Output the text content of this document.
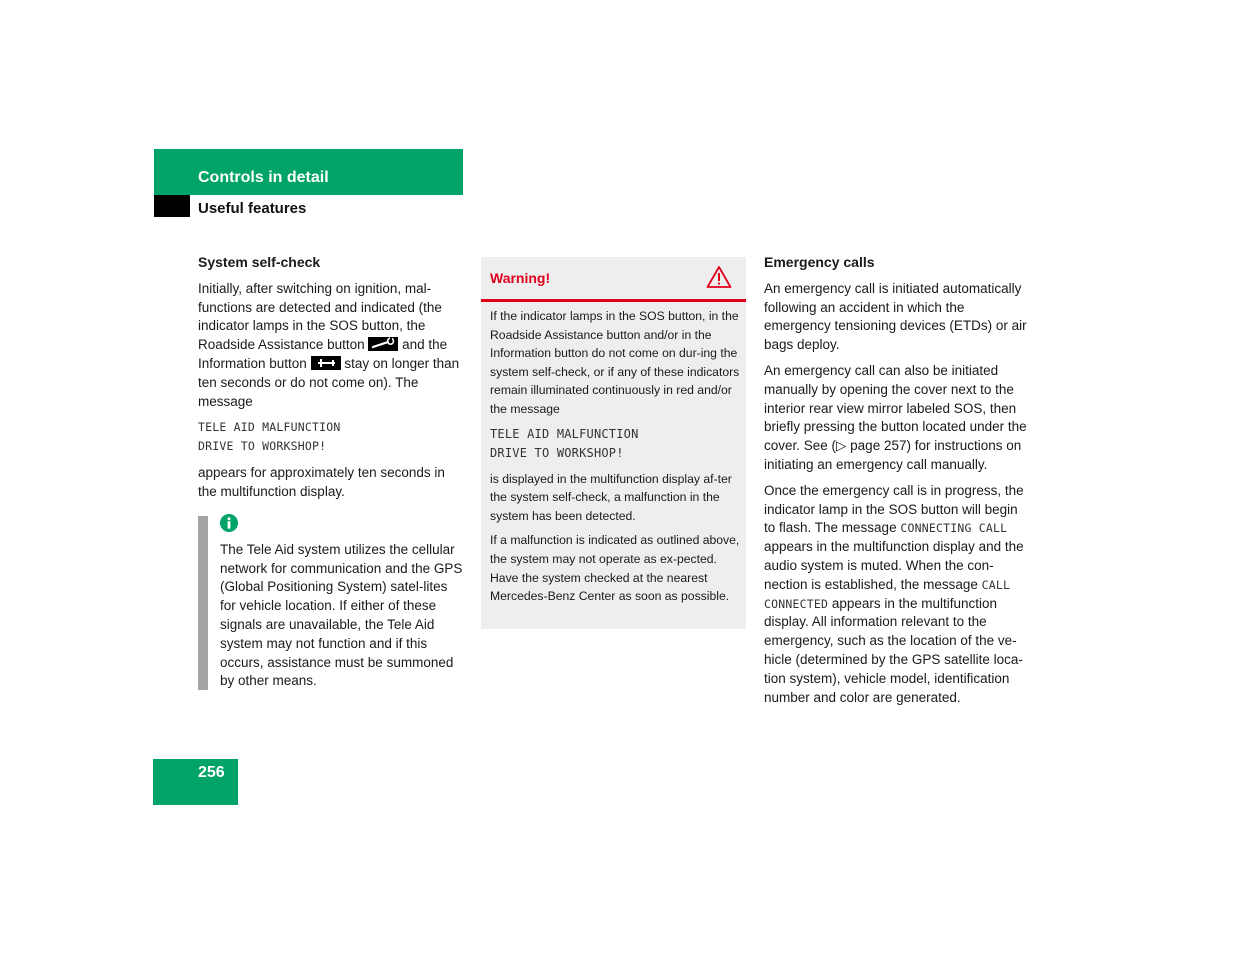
Controls in detail
Useful features
System self-check

Initially, after switching on ignition, mal-functions are detected and indicated (the indicator lamps in the SOS button, the Roadside Assistance button	and the Information button	stay on longer than ten seconds or do not come on). The message

TELE AID MALFUNCTION
DRIVE TO WORKSHOP!

appears for approximately ten seconds in the multifunction display.

The Tele Aid system utilizes the cellular network for communication and the GPS (Global Positioning System) satel-lites for vehicle location. If either of these signals are unavailable, the Tele Aid system may not function and if this occurs, assistance must be summoned by other means.
Warning!

If the indicator lamps in the SOS button, in the Roadside Assistance button and/or in the Information button do not come on dur-ing the system self-check, or if any of these indicators remain illuminated continuously in red and/or the message

TELE AID MALFUNCTION
DRIVE TO WORKSHOP!

is displayed in the multifunction display af-ter the system self-check, a malfunction in the system has been detected.

If a malfunction is indicated as outlined above, the system may not operate as ex-pected. Have the system checked at the nearest Mercedes-Benz Center as soon as possible.

Emergency calls

An emergency call is initiated automatically following an accident in which the emergency tensioning devices (ETDs) or air bags deploy.

An emergency call can also be initiated manually by opening the cover next to the interior rear view mirror labeled SOS, then briefly pressing the button located under the cover. See (▷ page 257) for instructions on initiating an emergency call manually.

Once the emergency call is in progress, the indicator lamp in the SOS button will begin to flash. The message CONNECTING CALL appears in the multifunction display and the audio system is muted. When the con-nection is established, the message CALL CONNECTED appears in the multifunction display. All information relevant to the emergency, such as the location of the ve-hicle (determined by the GPS satellite loca-tion system), vehicle model, identification number and color are generated.

256
